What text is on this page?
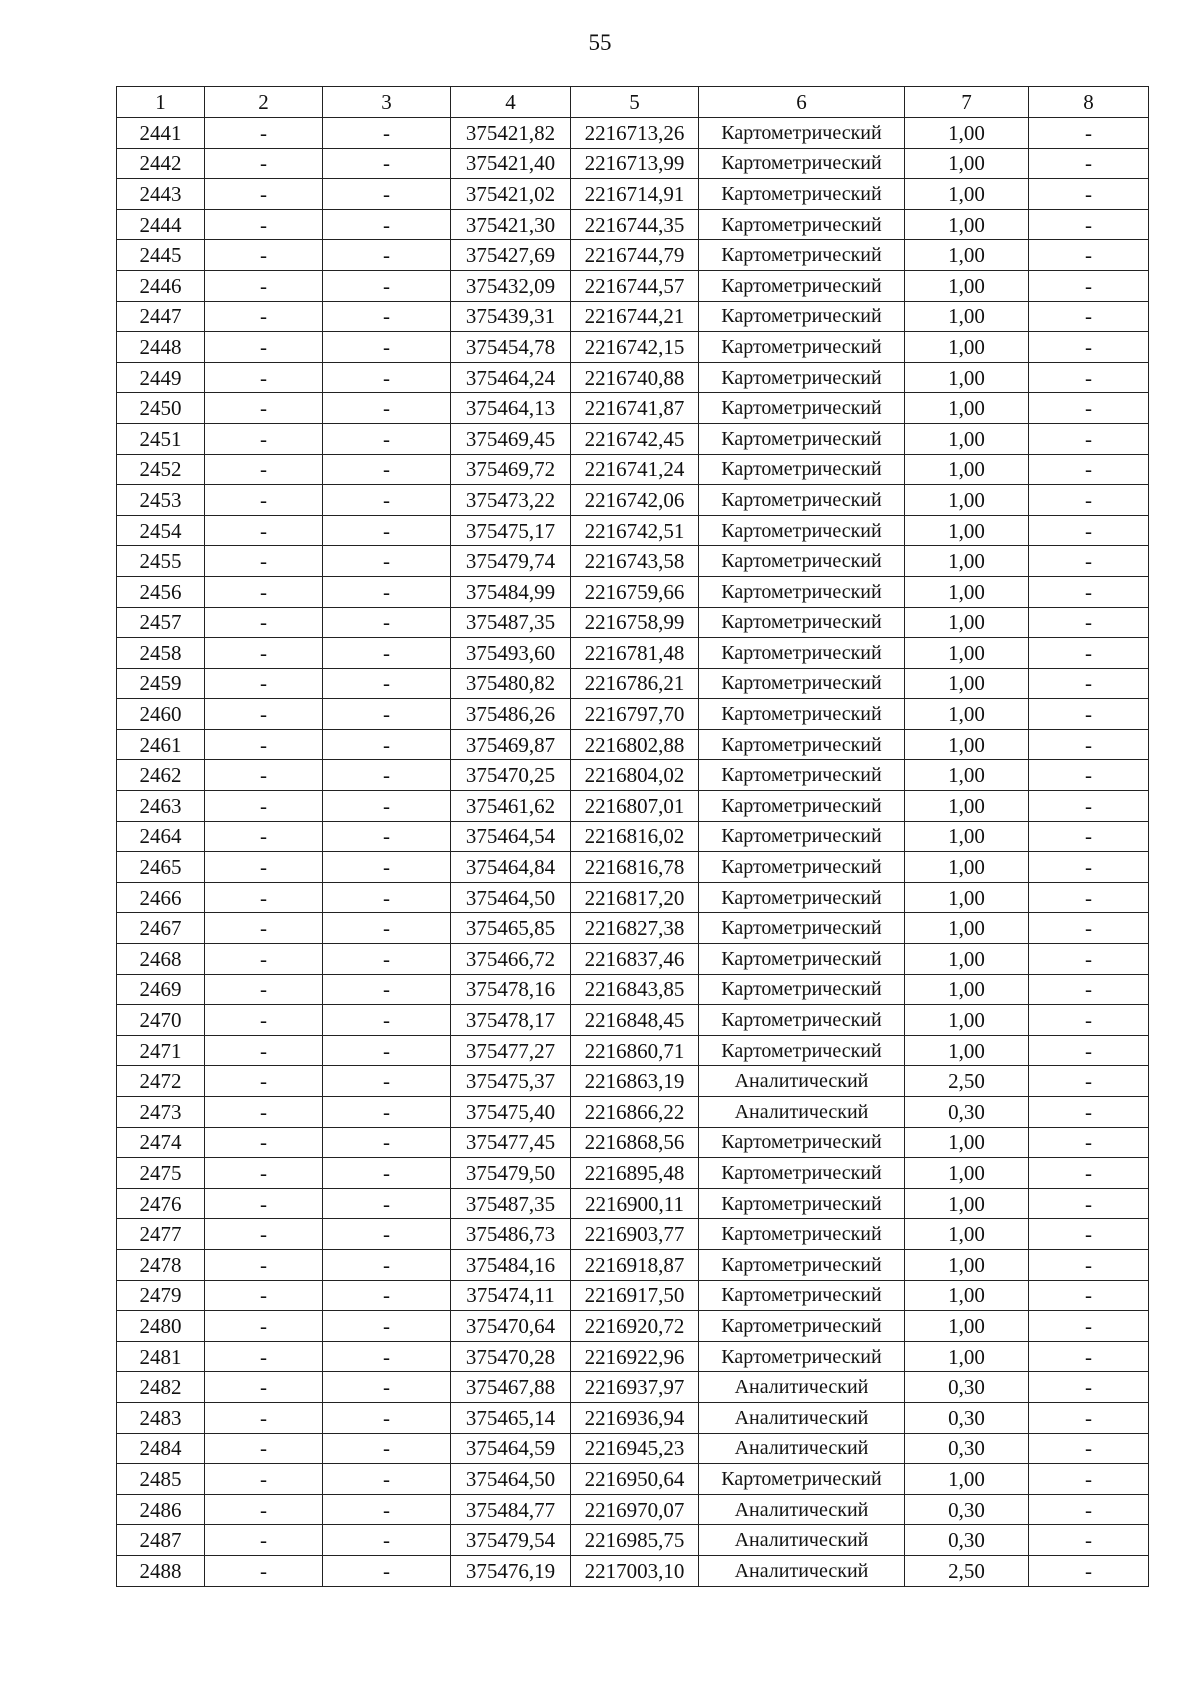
55
1	2	3	4	5	6	7	8
2441	-	-	375421,82	2216713,26	Картометрический	1,00	-
2442	-	-	375421,40	2216713,99	Картометрический	1,00	-
2443	-	-	375421,02	2216714,91	Картометрический	1,00	-
2444	-	-	375421,30	2216744,35	Картометрический	1,00	-
2445	-	-	375427,69	2216744,79	Картометрический	1,00	-
2446	-	-	375432,09	2216744,57	Картометрический	1,00	-
2447	-	-	375439,31	2216744,21	Картометрический	1,00	-
2448	-	-	375454,78	2216742,15	Картометрический	1,00	-
2449	-	-	375464,24	2216740,88	Картометрический	1,00	-
2450	-	-	375464,13	2216741,87	Картометрический	1,00	-
2451	-	-	375469,45	2216742,45	Картометрический	1,00	-
2452	-	-	375469,72	2216741,24	Картометрический	1,00	-
2453	-	-	375473,22	2216742,06	Картометрический	1,00	-
2454	-	-	375475,17	2216742,51	Картометрический	1,00	-
2455	-	-	375479,74	2216743,58	Картометрический	1,00	-
2456	-	-	375484,99	2216759,66	Картометрический	1,00	-
2457	-	-	375487,35	2216758,99	Картометрический	1,00	-
2458	-	-	375493,60	2216781,48	Картометрический	1,00	-
2459	-	-	375480,82	2216786,21	Картометрический	1,00	-
2460	-	-	375486,26	2216797,70	Картометрический	1,00	-
2461	-	-	375469,87	2216802,88	Картометрический	1,00	-
2462	-	-	375470,25	2216804,02	Картометрический	1,00	-
2463	-	-	375461,62	2216807,01	Картометрический	1,00	-
2464	-	-	375464,54	2216816,02	Картометрический	1,00	-
2465	-	-	375464,84	2216816,78	Картометрический	1,00	-
2466	-	-	375464,50	2216817,20	Картометрический	1,00	-
2467	-	-	375465,85	2216827,38	Картометрический	1,00	-
2468	-	-	375466,72	2216837,46	Картометрический	1,00	-
2469	-	-	375478,16	2216843,85	Картометрический	1,00	-
2470	-	-	375478,17	2216848,45	Картометрический	1,00	-
2471	-	-	375477,27	2216860,71	Картометрический	1,00	-
2472	-	-	375475,37	2216863,19	Аналитический	2,50	-
2473	-	-	375475,40	2216866,22	Аналитический	0,30	-
2474	-	-	375477,45	2216868,56	Картометрический	1,00	-
2475	-	-	375479,50	2216895,48	Картометрический	1,00	-
2476	-	-	375487,35	2216900,11	Картометрический	1,00	-
2477	-	-	375486,73	2216903,77	Картометрический	1,00	-
2478	-	-	375484,16	2216918,87	Картометрический	1,00	-
2479	-	-	375474,11	2216917,50	Картометрический	1,00	-
2480	-	-	375470,64	2216920,72	Картометрический	1,00	-
2481	-	-	375470,28	2216922,96	Картометрический	1,00	-
2482	-	-	375467,88	2216937,97	Аналитический	0,30	-
2483	-	-	375465,14	2216936,94	Аналитический	0,30	-
2484	-	-	375464,59	2216945,23	Аналитический	0,30	-
2485	-	-	375464,50	2216950,64	Картометрический	1,00	-
2486	-	-	375484,77	2216970,07	Аналитический	0,30	-
2487	-	-	375479,54	2216985,75	Аналитический	0,30	-
2488	-	-	375476,19	2217003,10	Аналитический	2,50	-
